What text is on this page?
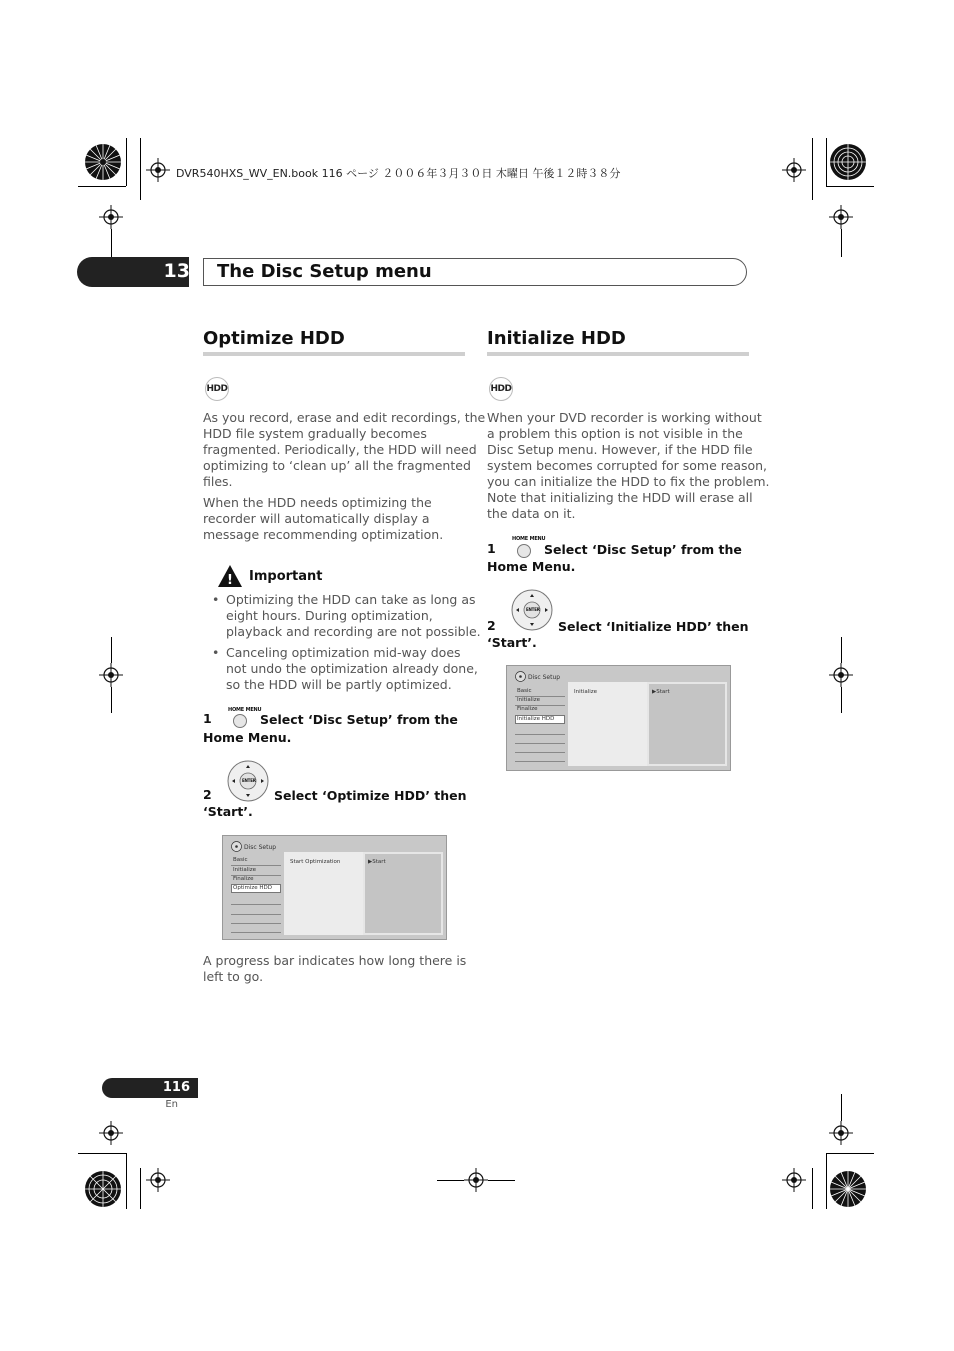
DVR540HXS_WV_EN.book 116 ページ ２００６年３月３０日 木曜日 午後１２時３８分
13 The Disc Setup menu
Optimize HDD
HDD
As you record, erase and edit recordings, the
HDD file system gradually becomes
fragmented. Periodically, the HDD will need
optimizing to ‘clean up’ all the fragmented
files.
When the HDD needs optimizing the
recorder will automatically display a
message recommending optimization.
! Important
• Optimizing the HDD can take as long as
eight hours. During optimization,
playback and recording are not possible.
• Canceling optimization mid-way does
not undo the optimization already done,
so the HDD will be partly optimized.
HOME MENU
1	Select ‘Disc Setup’ from the
Home Menu.
ENTER
2	Select ‘Optimize HDD’ then
‘Start’.
Disc Setup
Basic
Initialize
Finalize
Optimize HDD
Start Optimization	▶Start
A progress bar indicates how long there is
left to go.
Initialize HDD
HDD
When your DVD recorder is working without
a problem this option is not visible in the
Disc Setup menu. However, if the HDD file
system becomes corrupted for some reason,
you can initialize the HDD to fix the problem.
Note that initializing the HDD will erase all
the data on it.
HOME MENU
1	Select ‘Disc Setup’ from the
Home Menu.
ENTER
2	Select ‘Initialize HDD’ then
‘Start’.
Disc Setup
Basic
Initialize
Finalize
Initialize HDD
Initialize	▶Start
116
En
